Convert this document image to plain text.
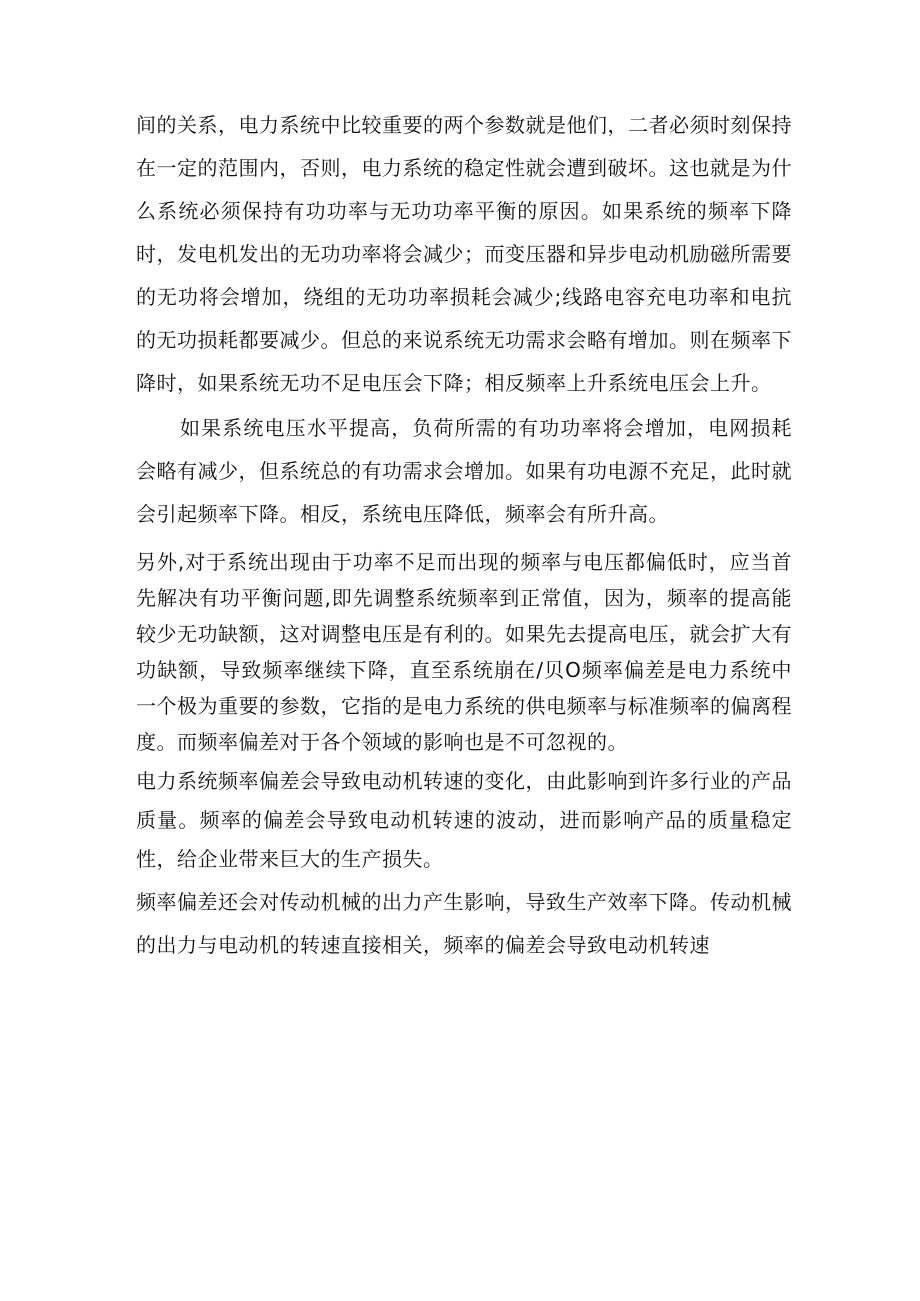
间的关系，电力系统中比较重要的两个参数就是他们，二者必须时刻保持在一定的范围内，否则，电力系统的稳定性就会遭到破坏。这也就是为什么系统必须保持有功功率与无功功率平衡的原因。如果系统的频率下降时，发电机发出的无功功率将会减少；而变压器和异步电动机励磁所需要的无功将会增加，绕组的无功功率损耗会减少;线路电容充电功率和电抗的无功损耗都要减少。但总的来说系统无功需求会略有增加。则在频率下降时，如果系统无功不足电压会下降；相反频率上升系统电压会上升。

如果系统电压水平提高，负荷所需的有功功率将会增加，电网损耗会略有减少，但系统总的有功需求会增加。如果有功电源不充足，此时就会引起频率下降。相反，系统电压降低，频率会有所升高。

另外,对于系统出现由于功率不足而出现的频率与电压都偏低时，应当首先解决有功平衡问题,即先调整系统频率到正常值，因为，频率的提高能较少无功缺额，这对调整电压是有利的。如果先去提高电压，就会扩大有功缺额，导致频率继续下降，直至系统崩在/贝O频率偏差是电力系统中一个极为重要的参数，它指的是电力系统的供电频率与标准频率的偏离程度。而频率偏差对于各个领域的影响也是不可忽视的。

电力系统频率偏差会导致电动机转速的变化，由此影响到许多行业的产品质量。频率的偏差会导致电动机转速的波动，进而影响产品的质量稳定性，给企业带来巨大的生产损失。

频率偏差还会对传动机械的出力产生影响，导致生产效率下降。传动机械的出力与电动机的转速直接相关，频率的偏差会导致电动机转速
